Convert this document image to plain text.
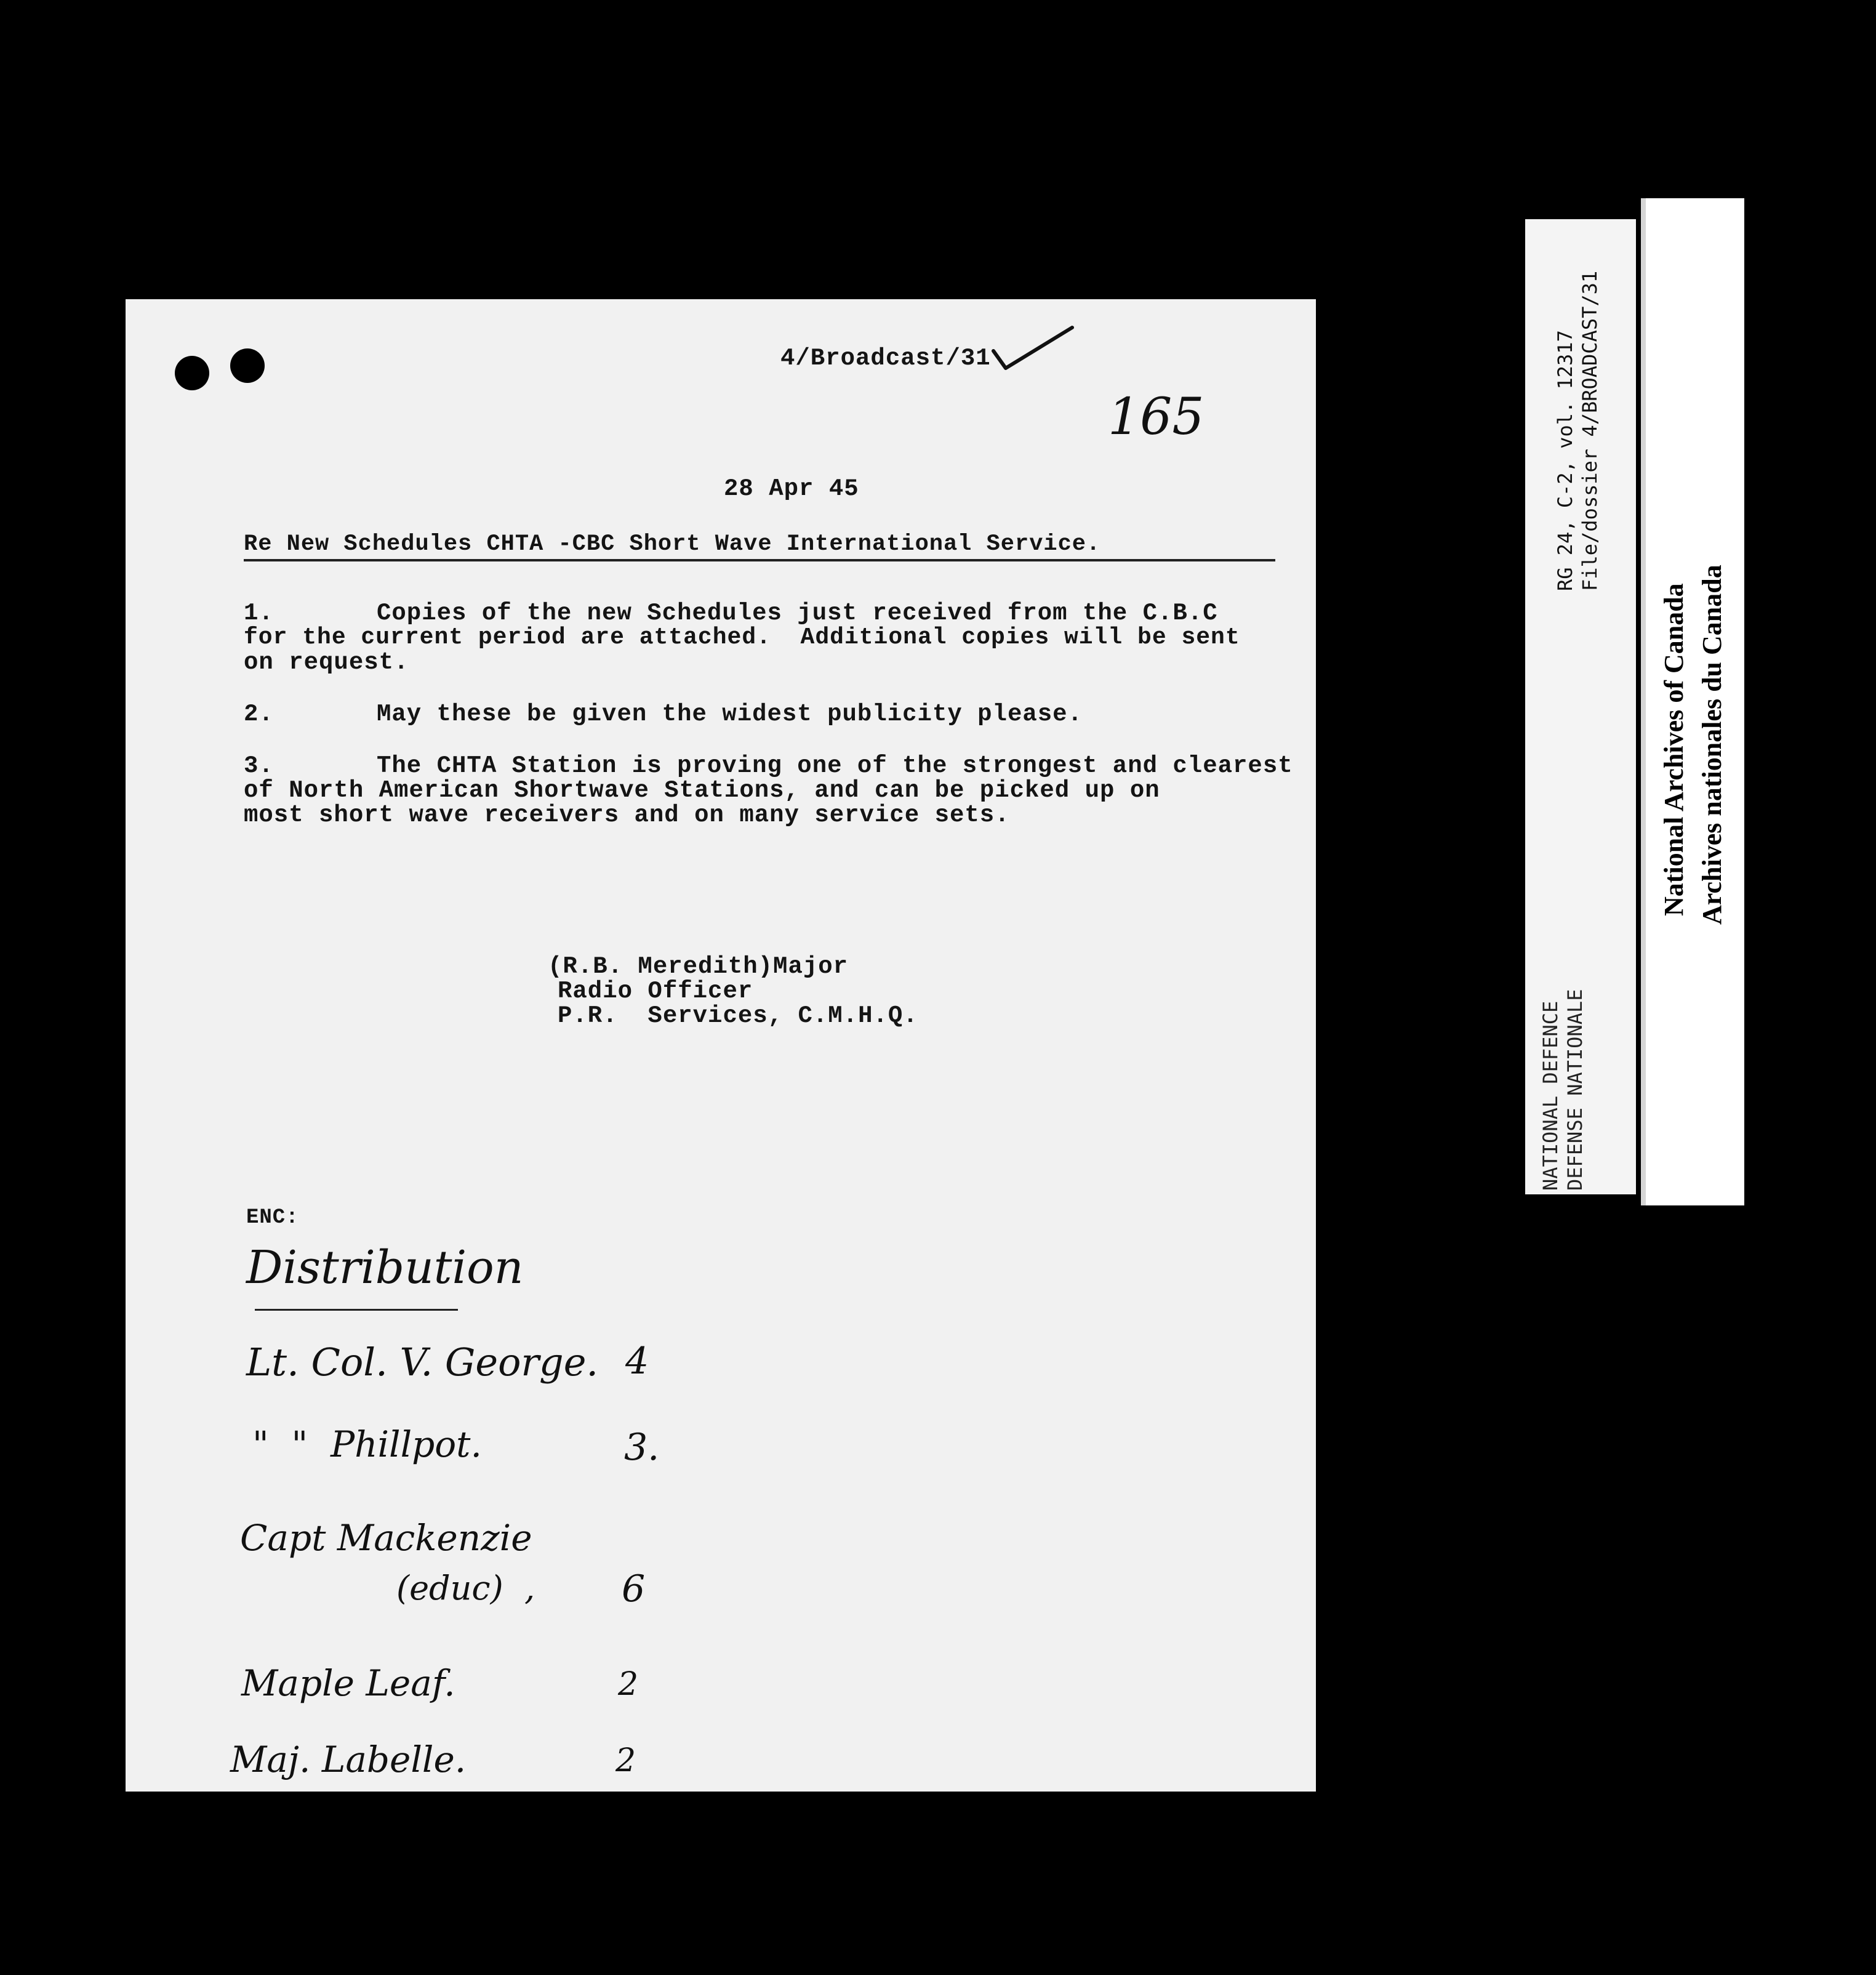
4/Broadcast/31
165
28 Apr 45
Re New Schedules CHTA -CBC Short Wave International Service.
1.	Copies of the new Schedules just received from the C.B.C
for the current period are attached.  Additional copies will be sent
on request.
2.	May these be given the widest publicity please.
3.	The CHTA Station is proving one of the strongest and clearest
of North American Shortwave Stations, and can be picked up on
most short wave receivers and on many service sets.
(R.B. Meredith)Major
Radio Officer
P.R.  Services, C.M.H.Q.
ENC:
Distribution
Lt. Col. V. George. 4
"  "  Phillpot.	3.
Capt Mackenzie
(educ)  , 6
Maple Leaf.	2
Maj. Labelle.	2
RG 24, C-2, vol. 12317 File/dossier 4/BROADCAST/31
NATIONAL DEFENCE DEFENSE NATIONALE
National Archives of Canada Archives nationales du Canada
